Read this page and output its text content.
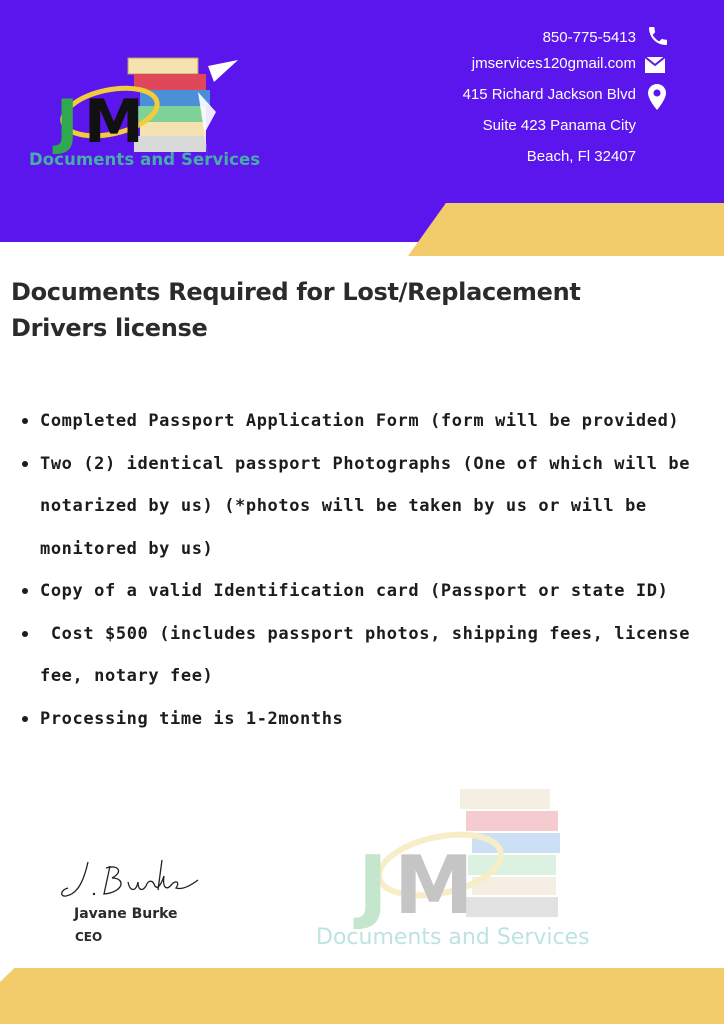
J M
Documents and Services
850-775-5413
jmservices120gmail.com
415 Richard Jackson Blvd
Suite 423 Panama City
Beach, Fl 32407
Documents Required for Lost/Replacement
Drivers license
Completed Passport Application Form (form will be provided)
Two (2) identical passport Photographs (One of which will be notarized by us) (*photos will be taken by us or will be monitored by us)
Copy of a valid Identification card (Passport or state ID)
Cost $500 (includes passport photos, shipping fees, license fee, notary fee)
Processing time is 1-2months
Javane Burke
CEO
J M
Documents and Services
